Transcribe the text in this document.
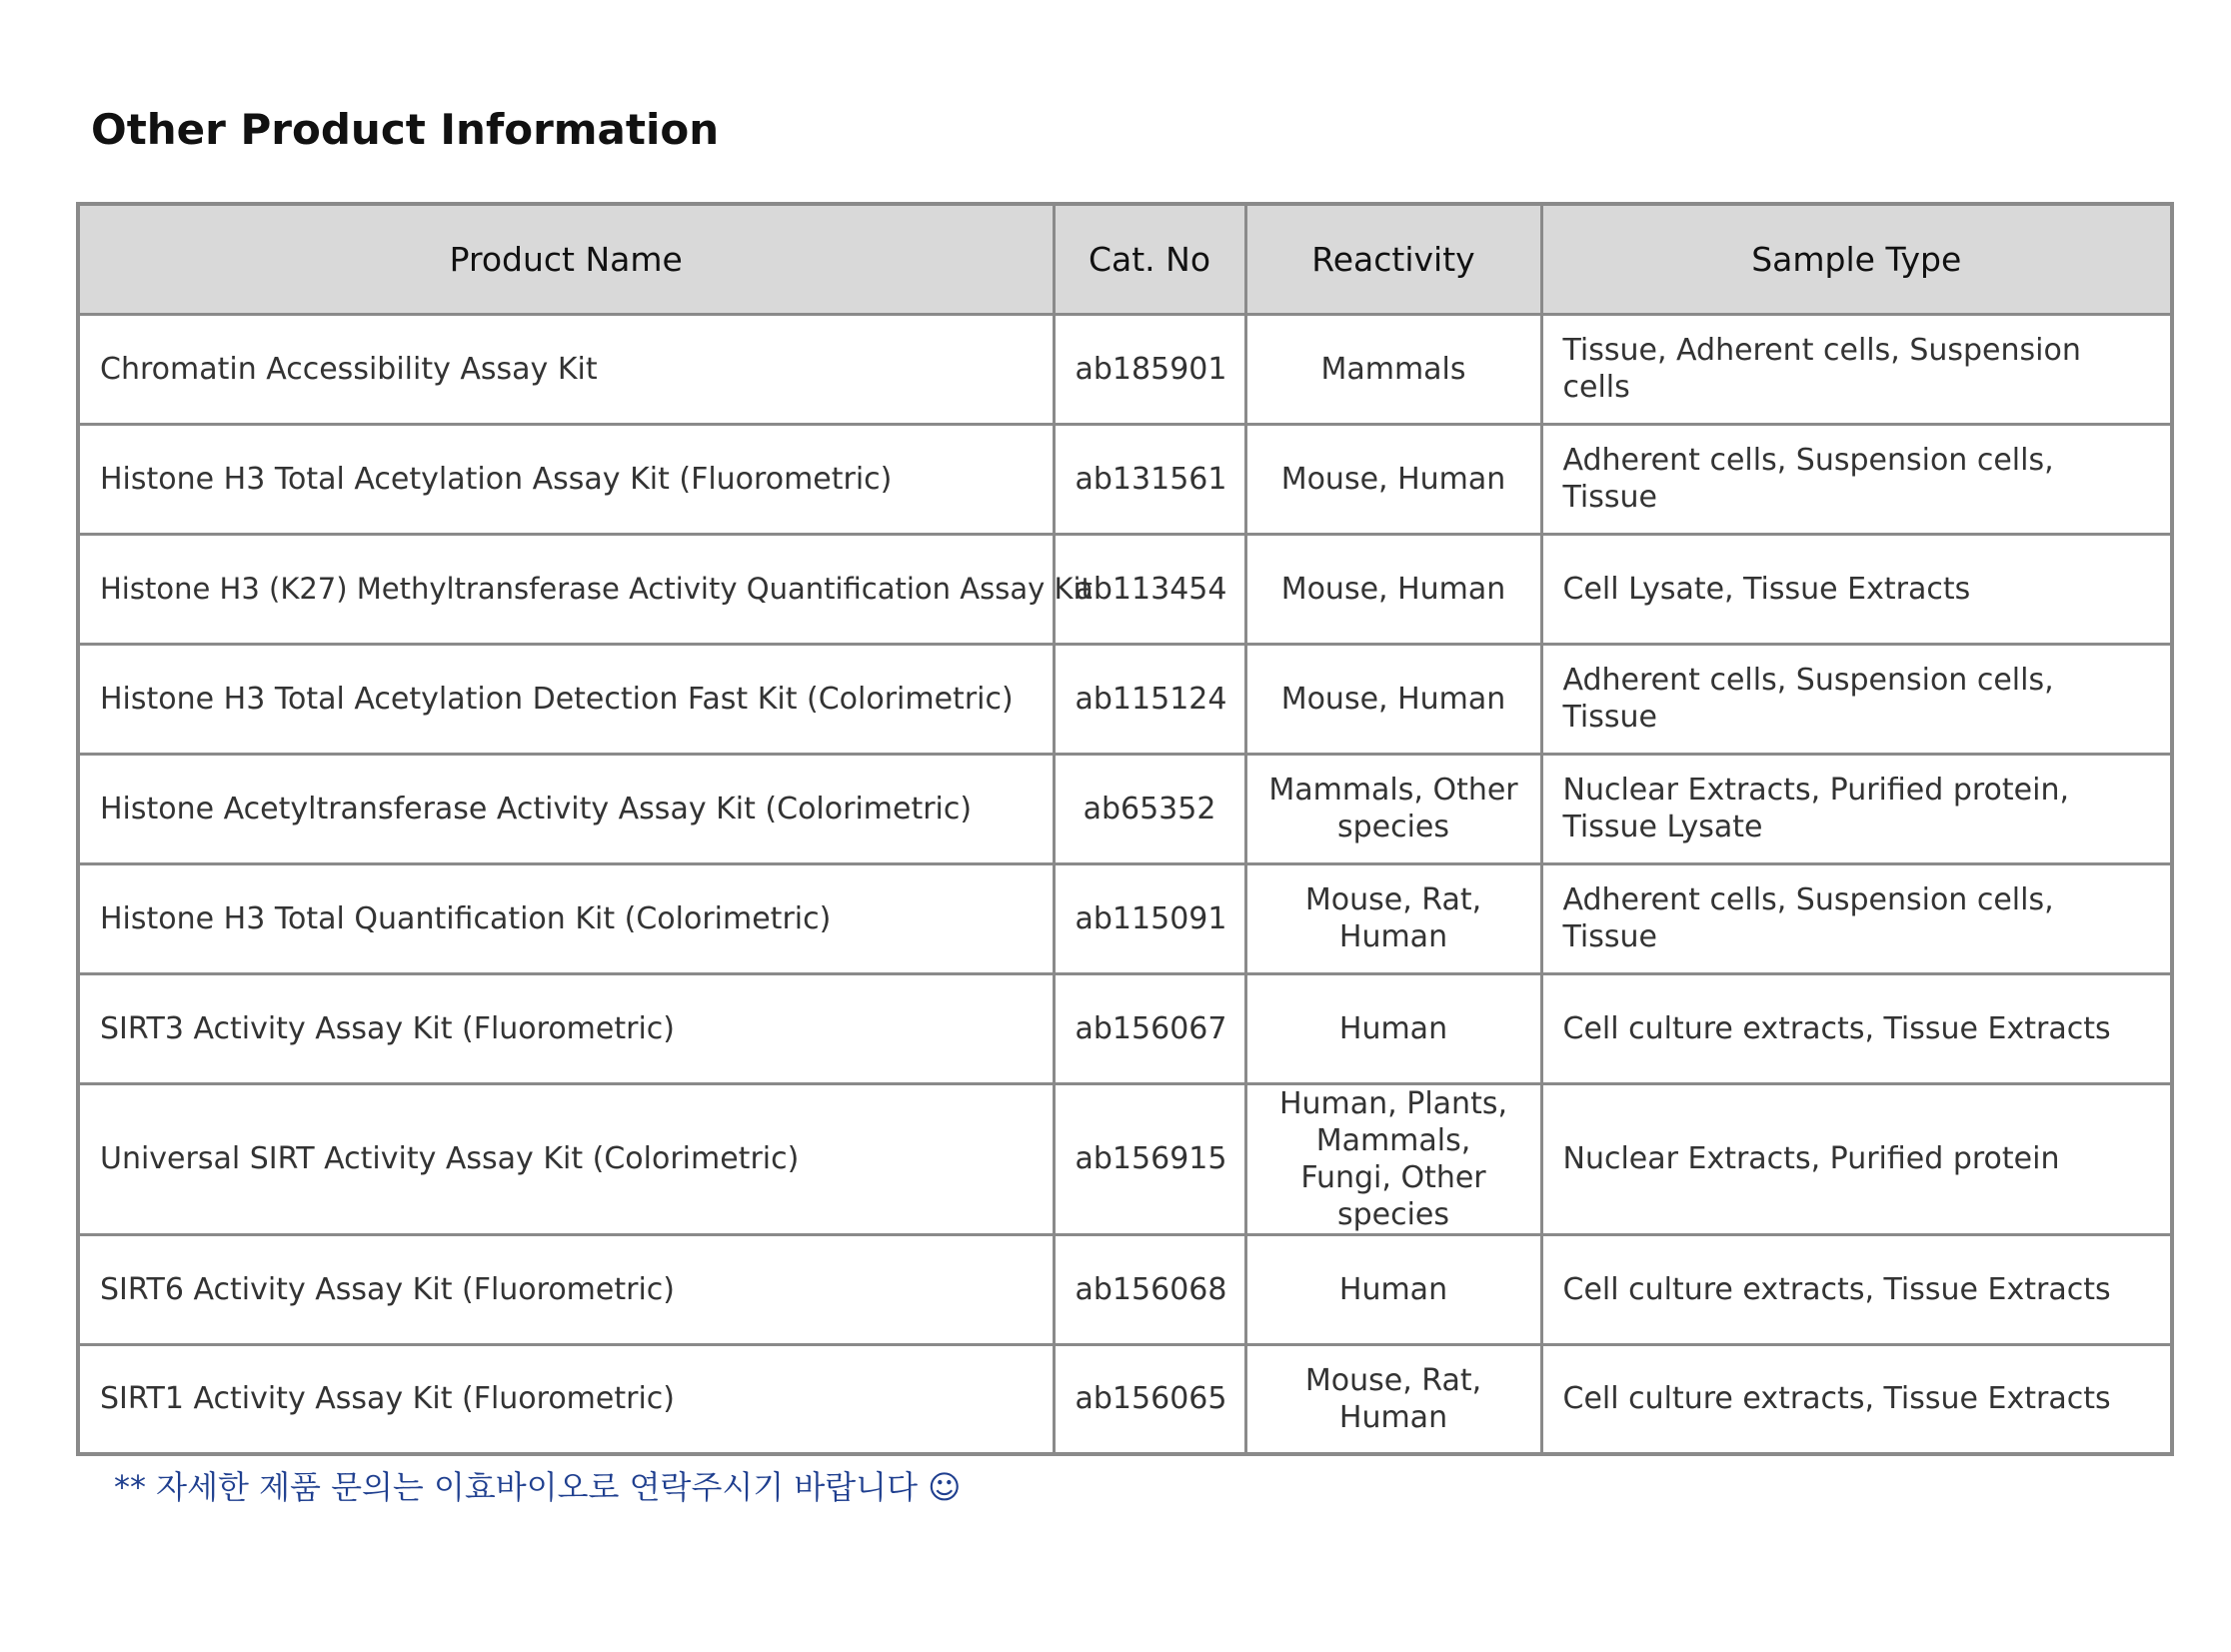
Other Product Information
Product Name	Cat. No	Reactivity	Sample Type
Chromatin Accessibility Assay Kit	ab185901	Mammals	Tissue, Adherent cells, Suspension cells
Histone H3 Total Acetylation Assay Kit (Fluorometric)	ab131561	Mouse, Human	Adherent cells, Suspension cells, Tissue
Histone H3 (K27) Methyltransferase Activity Quantification Assay Kit	ab113454	Mouse, Human	Cell Lysate, Tissue Extracts
Histone H3 Total Acetylation Detection Fast Kit (Colorimetric)	ab115124	Mouse, Human	Adherent cells, Suspension cells, Tissue
Histone Acetyltransferase Activity Assay Kit (Colorimetric)	ab65352	Mammals, Other species	Nuclear Extracts, Purified protein, Tissue Lysate
Histone H3 Total Quantification Kit (Colorimetric)	ab115091	Mouse, Rat, Human	Adherent cells, Suspension cells, Tissue
SIRT3 Activity Assay Kit (Fluorometric)	ab156067	Human	Cell culture extracts, Tissue Extracts
Universal SIRT Activity Assay Kit (Colorimetric)	ab156915	Human, Plants, Mammals, Fungi, Other species	Nuclear Extracts, Purified protein
SIRT6 Activity Assay Kit (Fluorometric)	ab156068	Human	Cell culture extracts, Tissue Extracts
SIRT1 Activity Assay Kit (Fluorometric)	ab156065	Mouse, Rat, Human	Cell culture extracts, Tissue Extracts

** 자세한 제품 문의는 이효바이오로 연락주시기 바랍니다 ☺
